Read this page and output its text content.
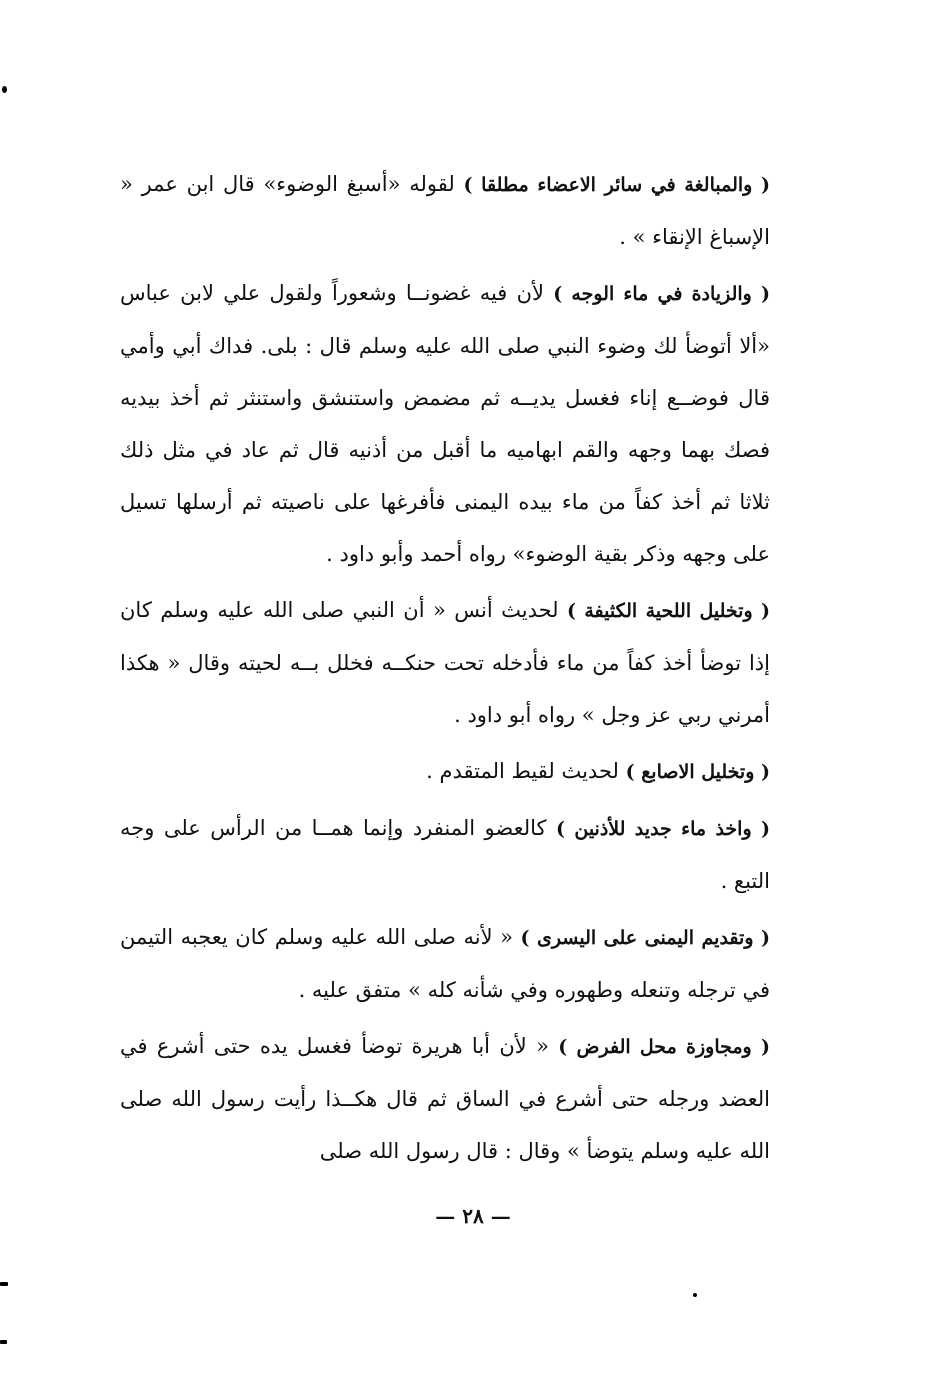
( والمبالغة في سائر الاعضاء مطلقا ) لقوله «أسبغ الوضوء» قال ابن عمر « الإسباغ الإنقاء » .

( والزيادة في ماء الوجه ) لأن فيه غضونــا وشعوراً ولقول علي لابن عباس «ألا أتوضأ لك وضوء النبي صلى الله عليه وسلم قال : بلى. فداك أبي وأمي قال فوضــع إناء فغسل يديــه ثم مضمض واستنشق واستنثر ثم أخذ بيديه فصك بهما وجهه والقم ابهاميه ما أقبل من أذنيه قال ثم عاد في مثل ذلك ثلاثا ثم أخذ كفاً من ماء بيده اليمنى فأفرغها على ناصيته ثم أرسلها تسيل على وجهه وذكر بقية الوضوء» رواه أحمد وأبو داود .

( وتخليل اللحية الكثيفة ) لحديث أنس « أن النبي صلى الله عليه وسلم كان إذا توضأ أخذ كفاً من ماء فأدخله تحت حنكــه فخلل بــه لحيته وقال « هكذا أمرني ربي عز وجل » رواه أبو داود .

( وتخليل الاصابع ) لحديث لقيط المتقدم .

( واخذ ماء جديد للأذنين ) كالعضو المنفرد وإنما همــا من الرأس على وجه التبع .

( وتقديم اليمنى على اليسرى ) « لأنه صلى الله عليه وسلم كان يعجبه التيمن في ترجله وتنعله وطهوره وفي شأنه كله » متفق عليه .

( ومجاوزة محل الفرض ) « لأن أبا هريرة توضأ فغسل يده حتى أشرع في العضد ورجله حتى أشرع في الساق ثم قال هكــذا رأيت رسول الله صلى الله عليه وسلم يتوضأ » وقال : قال رسول الله صلى

— ٢٨ —
